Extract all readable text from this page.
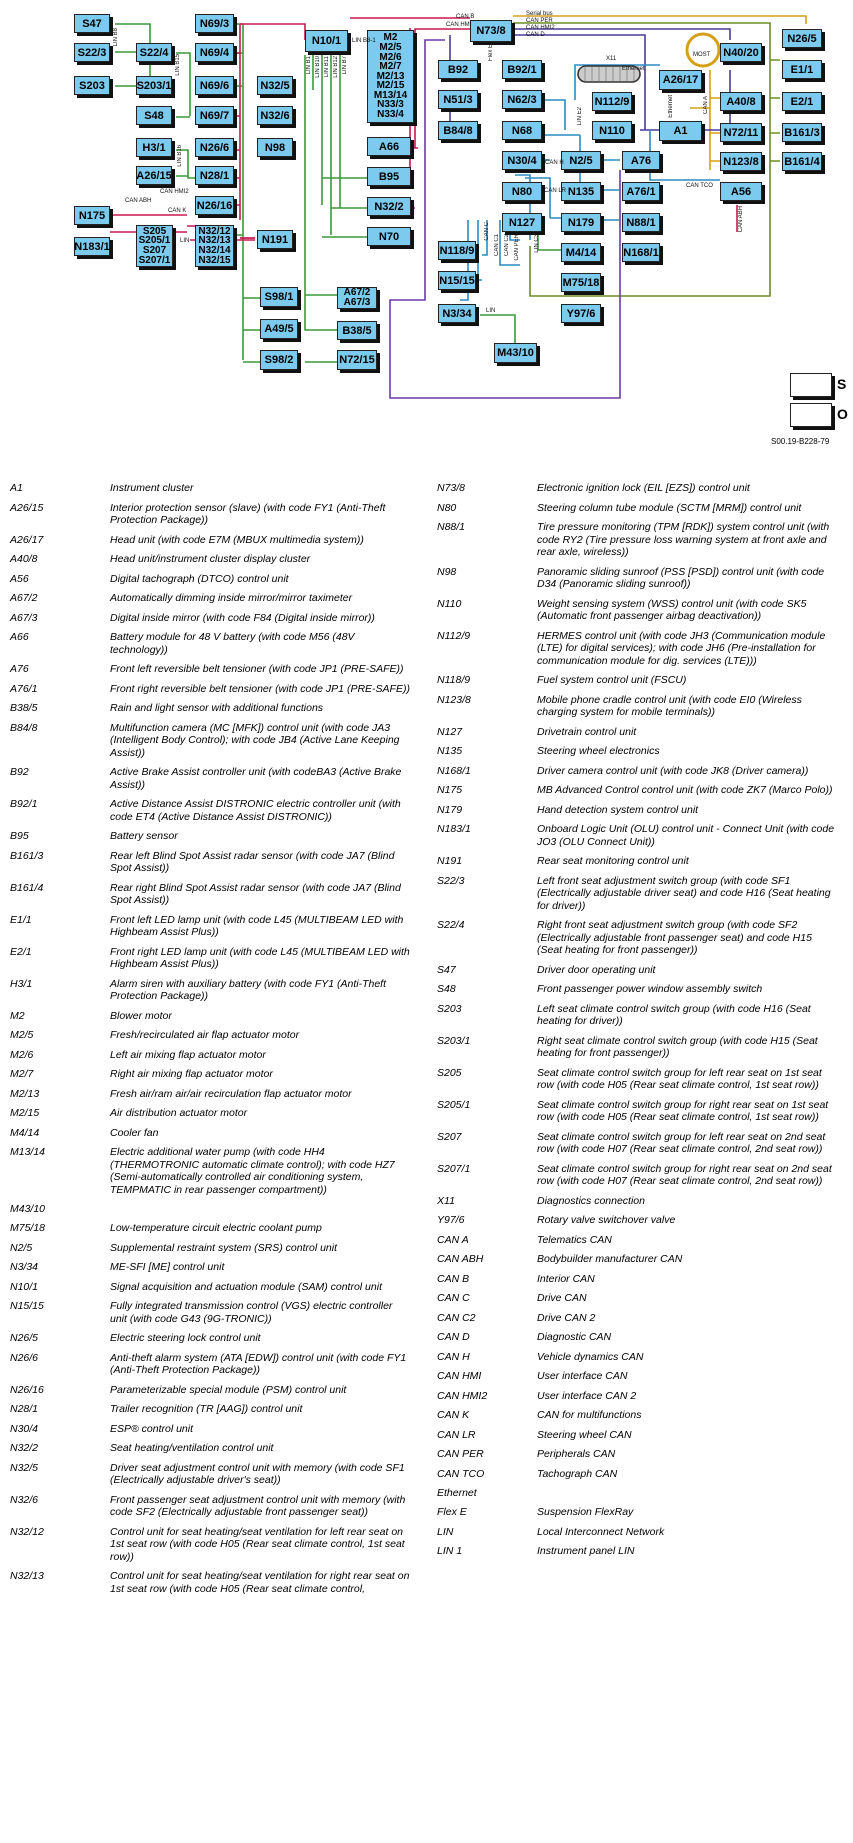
S47
S22/3
S203
S22/4
S203/1
S48
H3/1
A26/15
N175
N183/1
N69/3
N69/4
N69/6
N69/7
N26/6
N28/1
N26/16
S205
S205/1
S207
S207/1
N32/12
N32/13
N32/14
N32/15
N32/5
N32/6
N98
N191
N10/1	M2
M2/5
M2/6
M2/7
M2/13
M2/15
M13/14
N33/3
N33/4
A66
B95
N32/2
N70
S98/1
A49/5
S98/2
A67/2
A67/3
B38/5
N72/15
N73/8
B92
N51/3
B84/8
B92/1
N62/3
N68
N30/4
N80
N127
N118/9
N15/15
N3/34
M43/10
N112/9
N110
N2/5
N135
N179
M4/14
M75/18
Y97/6
A76
A76/1
N88/1
N168/1
A26/17
N40/20
A40/8
N72/11
N123/8
A1
A56
N26/5
E1/1
E2/1
B161/3
B161/4
LIN B8
LIN B15
LIN B16
CAN HMI2
CAN ABH
CAN K
LIN
LIN B1 LIN B10 LIN B11 LIN B12 LIN B7
LIN B8-1
CAN B
CAN HMI
Serial bus
CAN PER
CAN HMI2
CAN D
X11
Ethernet
MOST
Ethernet	CAN A
Flex E
LIN E2
CAN H
CAN C
CAN C1 CAN C2 CAN PER LIN C3
CAN LR
LIN
CAN TCO
CAN ABH
S
O
S00.19-B228-79
A1	Instrument cluster
A26/15	Interior protection sensor (slave) (with code FY1 (Anti-Theft Protection Package))
A26/17	Head unit (with code E7M (MBUX multimedia system))
A40/8	Head unit/instrument cluster display cluster
A56	Digital tachograph (DTCO) control unit
A67/2	Automatically dimming inside mirror/mirror taximeter
A67/3	Digital inside mirror (with code F84 (Digital inside mirror))
A66	Battery module for 48 V battery (with code M56 (48V technology))
A76	Front left reversible belt tensioner (with code JP1 (PRE-SAFE))
A76/1	Front right reversible belt tensioner (with code JP1 (PRE-SAFE))
B38/5	Rain and light sensor with additional functions
B84/8	Multifunction camera (MC [MFK]) control unit (with code JA3 (Intelligent Body Control); with code JB4 (Active Lane Keeping Assist))
B92	Active Brake Assist controller unit (with codeBA3 (Active Brake Assist))
B92/1	Active Distance Assist DISTRONIC electric controller unit (with code ET4 (Active Distance Assist DISTRONIC))
B95	Battery sensor
B161/3	Rear left Blind Spot Assist radar sensor (with code JA7 (Blind Spot Assist))
B161/4	Rear right Blind Spot Assist radar sensor (with code JA7 (Blind Spot Assist))
E1/1	Front left LED lamp unit (with code L45 (MULTIBEAM LED with Highbeam Assist Plus))
E2/1	Front right LED lamp unit (with code L45 (MULTIBEAM LED with Highbeam Assist Plus))
H3/1	Alarm siren with auxiliary battery (with code FY1 (Anti-Theft Protection Package))
M2	Blower motor
M2/5	Fresh/recirculated air flap actuator motor
M2/6	Left air mixing flap actuator motor
M2/7	Right air mixing flap actuator motor
M2/13	Fresh air/ram air/air recirculation flap actuator motor
M2/15	Air distribution actuator motor
M4/14	Cooler fan
M13/14	Electric additional water pump (with code HH4 (THERMOTRONIC automatic climate control); with code HZ7 (Semi-automatically controlled air conditioning system, TEMPMATIC in rear passenger compartment))
M43/10
M75/18	Low-temperature circuit electric coolant pump
N2/5	Supplemental restraint system (SRS) control unit
N3/34	ME-SFI [ME] control unit
N10/1	Signal acquisition and actuation module (SAM) control unit
N15/15	Fully integrated transmission control (VGS) electric controller unit (with code G43 (9G-TRONIC))
N26/5	Electric steering lock control unit
N26/6	Anti-theft alarm system (ATA [EDW]) control unit (with code FY1 (Anti-Theft Protection Package))
N26/16	Parameterizable special module (PSM) control unit
N28/1	Trailer recognition (TR [AAG]) control unit
N30/4	ESP® control unit
N32/2	Seat heating/ventilation control unit
N32/5	Driver seat adjustment control unit with memory (with code SF1 (Electrically adjustable driver's seat))
N32/6	Front passenger seat adjustment control unit with memory (with code SF2 (Electrically adjustable front passenger seat))
N32/12	Control unit for seat heating/seat ventilation for left rear seat on 1st seat row (with code H05 (Rear seat climate control, 1st seat row))
N32/13	Control unit for seat heating/seat ventilation for right rear seat on 1st seat row (with code H05 (Rear seat climate control,
N73/8	Electronic ignition lock (EIL [EZS]) control unit
N80	Steering column tube module (SCTM [MRM]) control unit
N88/1	Tire pressure monitoring (TPM [RDK]) system control unit (with code RY2 (Tire pressure loss warning system at front axle and rear axle, wireless))
N98	Panoramic sliding sunroof (PSS [PSD]) control unit (with code D34 (Panoramic sliding sunroof))
N110	Weight sensing system (WSS) control unit (with code SK5 (Automatic front passenger airbag deactivation))
N112/9	HERMES control unit (with code JH3 (Communication module (LTE) for digital services); with code JH6 (Pre-installation for communication module for dig. services (LTE)))
N118/9	Fuel system control unit (FSCU)
N123/8	Mobile phone cradle control unit (with code EI0 (Wireless charging system for mobile terminals))
N127	Drivetrain control unit
N135	Steering wheel electronics
N168/1	Driver camera control unit (with code JK8 (Driver camera))
N175	MB Advanced Control control unit (with code ZK7 (Marco Polo))
N179	Hand detection system control unit
N183/1	Onboard Logic Unit (OLU) control unit - Connect Unit (with code JO3 (OLU Connect Unit))
N191	Rear seat monitoring control unit
S22/3	Left front seat adjustment switch group (with code SF1 (Electrically adjustable driver seat) and code H16 (Seat heating for driver))
S22/4	Right front seat adjustment switch group (with code SF2 (Electrically adjustable front passenger seat) and code H15 (Seat heating for front passenger))
S47	Driver door operating unit
S48	Front passenger power window assembly switch
S203	Left seat climate control switch group (with code H16 (Seat heating for driver))
S203/1	Right seat climate control switch group (with code H15 (Seat heating for front passenger))
S205	Seat climate control switch group for left rear seat on 1st seat row (with code H05 (Rear seat climate control, 1st seat row))
S205/1	Seat climate control switch group for right rear seat on 1st seat row (with code H05 (Rear seat climate control, 1st seat row))
S207	Seat climate control switch group for left rear seat on 2nd seat row (with code H07 (Rear seat climate control, 2nd seat row))
S207/1	Seat climate control switch group for right rear seat on 2nd seat row (with code H07 (Rear seat climate control, 2nd seat row))
X11	Diagnostics connection
Y97/6	Rotary valve switchover valve
CAN A	Telematics CAN
CAN ABH	Bodybuilder manufacturer CAN
CAN B	Interior CAN
CAN C	Drive CAN
CAN C2	Drive CAN 2
CAN D	Diagnostic CAN
CAN H	Vehicle dynamics CAN
CAN HMI	User interface CAN
CAN HMI2	User interface CAN 2
CAN K	CAN for multifunctions
CAN LR	Steering wheel CAN
CAN PER	Peripherals CAN
CAN TCO	Tachograph CAN
Ethernet
Flex E	Suspension FlexRay
LIN	Local Interconnect Network
LIN 1	Instrument panel LIN
